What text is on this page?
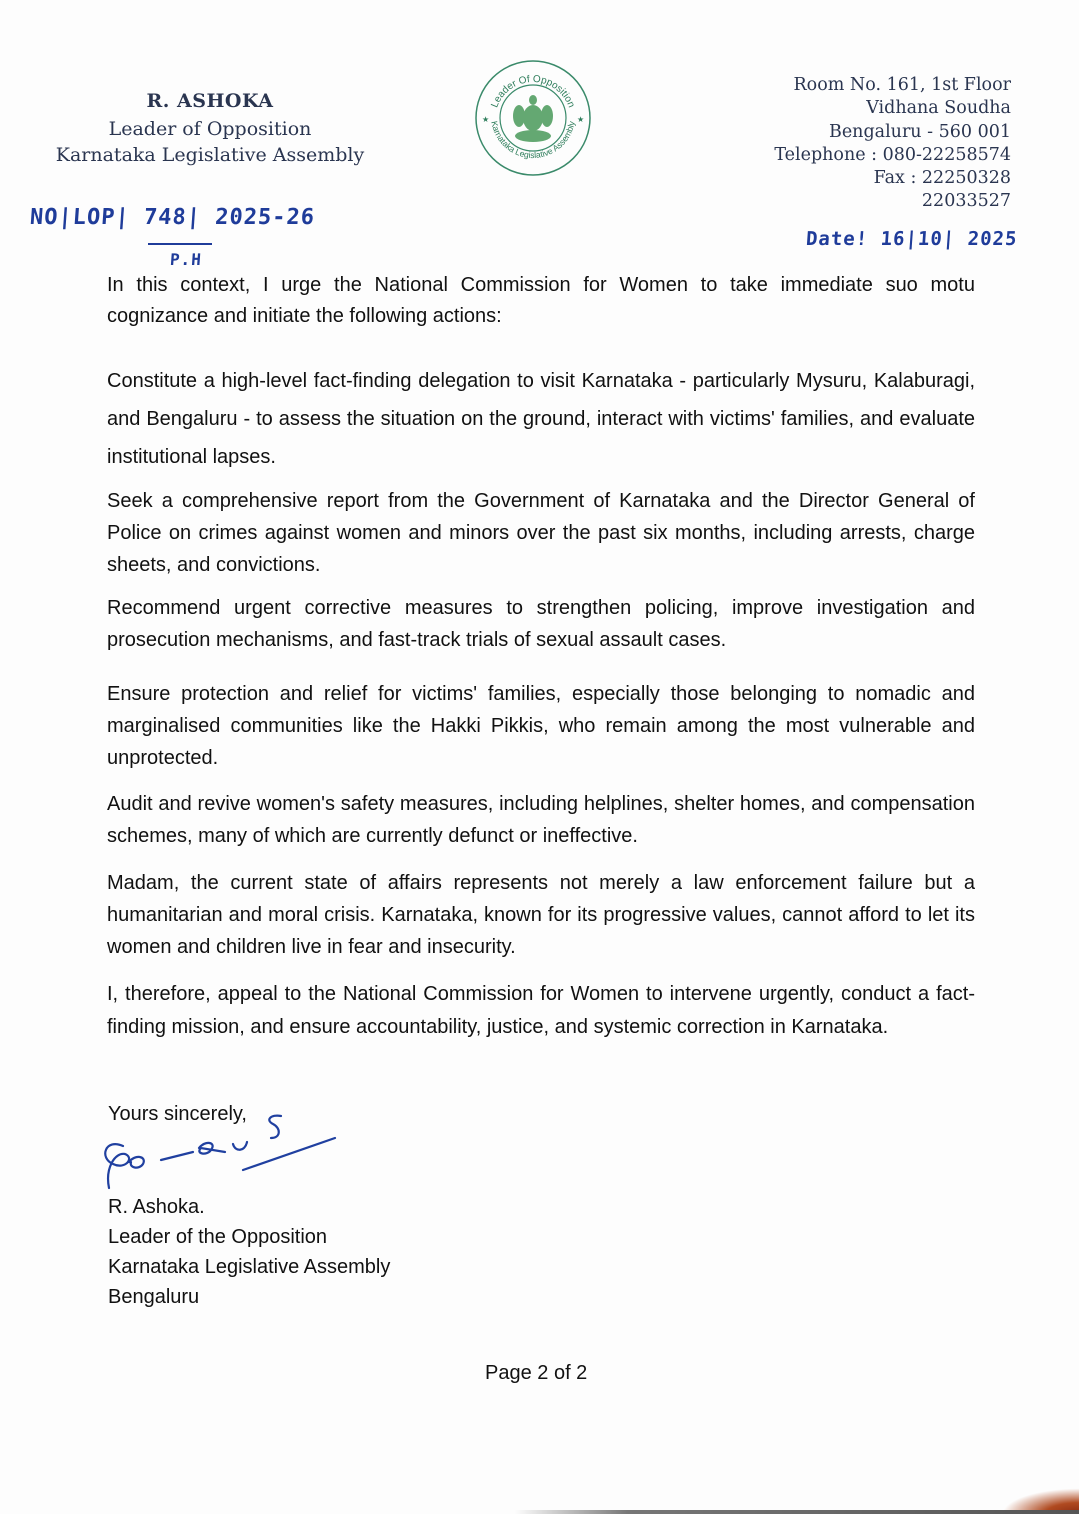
R. ASHOKA
Leader of Opposition
Karnataka Legislative Assembly
Leader Of Opposition
Karnataka Legislative Assembly
★	★
Room No. 161, 1st Floor
Vidhana Soudha
Bengaluru - 560 001
Telephone : 080-22258574
Fax : 22250328
22033527
NO|LOP| 748| 2025-26
P.H
Date! 16|10| 2025

In this context, I urge the National Commission for Women to take immediate suo motu cognizance and initiate the following actions:

Constitute a high-level fact-finding delegation to visit Karnataka - particularly Mysuru, Kalaburagi, and Bengaluru - to assess the situation on the ground, interact with victims' families, and evaluate institutional lapses.

Seek a comprehensive report from the Government of Karnataka and the Director General of Police on crimes against women and minors over the past six months, including arrests, charge sheets, and convictions.

Recommend urgent corrective measures to strengthen policing, improve investigation and prosecution mechanisms, and fast-track trials of sexual assault cases.

Ensure protection and relief for victims' families, especially those belonging to nomadic and marginalised communities like the Hakki Pikkis, who remain among the most vulnerable and unprotected.

Audit and revive women's safety measures, including helplines, shelter homes, and compensation schemes, many of which are currently defunct or ineffective.

Madam, the current state of affairs represents not merely a law enforcement failure but a humanitarian and moral crisis. Karnataka, known for its progressive values, cannot afford to let its women and children live in fear and insecurity.

I, therefore, appeal to the National Commission for Women to intervene urgently, conduct a fact-finding mission, and ensure accountability, justice, and systemic correction in Karnataka.

Yours sincerely,
R. Ashoka.
Leader of the Opposition
Karnataka Legislative Assembly
Bengaluru
Page 2 of 2
